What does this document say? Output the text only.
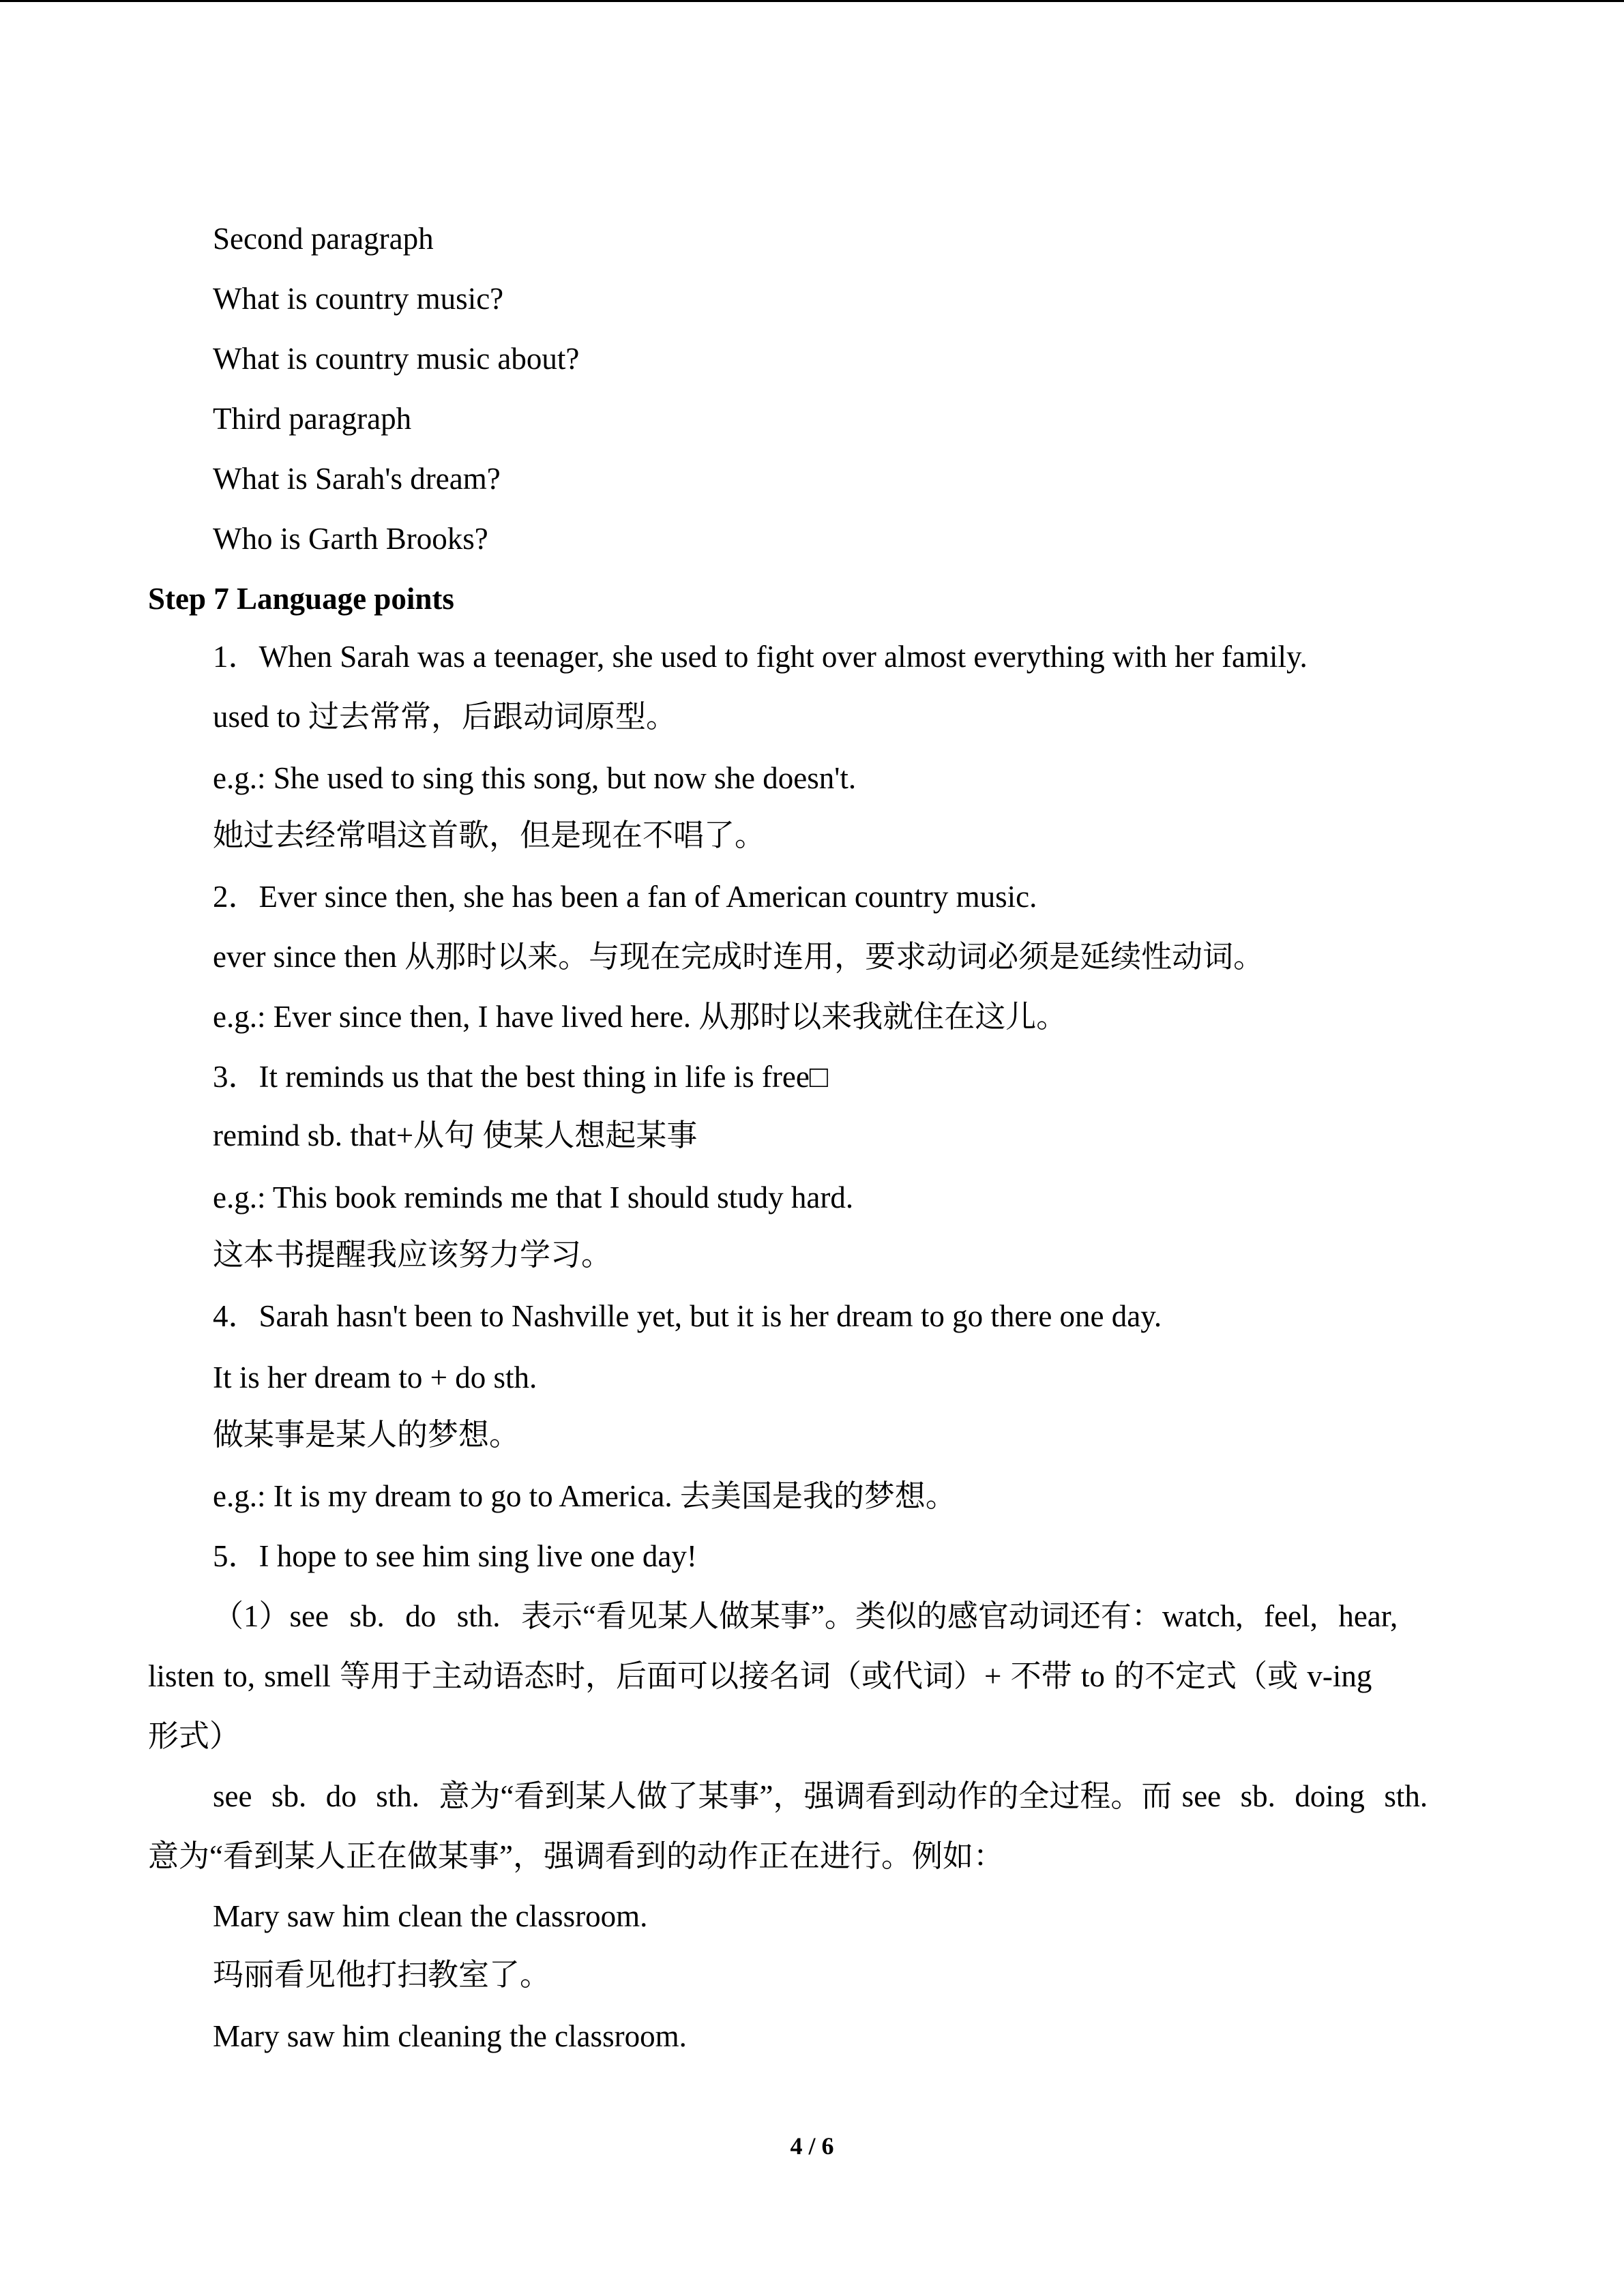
Second paragraph
What is country music?
What is country music about?
Third paragraph
What is Sarah's dream?
Who is Garth Brooks?
Step 7 Language points
1．When Sarah was a teenager, she used to fight over almost everything with her family.
used to 过去常常，后跟动词原型。
e.g.: She used to sing this song, but now she doesn't.
她过去经常唱这首歌，但是现在不唱了。
2．Ever since then, she has been a fan of American country music.
ever since then 从那时以来。与现在完成时连用，要求动词必须是延续性动词。
e.g.: Ever since then, I have lived here. 从那时以来我就住在这儿。
3．It reminds us that the best thing in life is free□
remind sb. that+从句 使某人想起某事
e.g.: This book reminds me that I should study hard.
这本书提醒我应该努力学习。
4．Sarah hasn't been to Nashville yet, but it is her dream to go there one day.
It is her dream to + do sth.
做某事是某人的梦想。
e.g.: It is my dream to go to America. 去美国是我的梦想。
5．I hope to see him sing live one day!
（1）see  sb.  do  sth.  表示“看见某人做某事”。类似的感官动词还有：watch,  feel,  hear,
listen to, smell 等用于主动语态时，后面可以接名词（或代词）+ 不带 to 的不定式（或 v-ing
形式）
see  sb.  do  sth.  意为“看到某人做了某事”，强调看到动作的全过程。而 see  sb.  doing  sth.
意为“看到某人正在做某事”，强调看到的动作正在进行。例如：
Mary saw him clean the classroom.
玛丽看见他打扫教室了。
Mary saw him cleaning the classroom.
4 / 6
